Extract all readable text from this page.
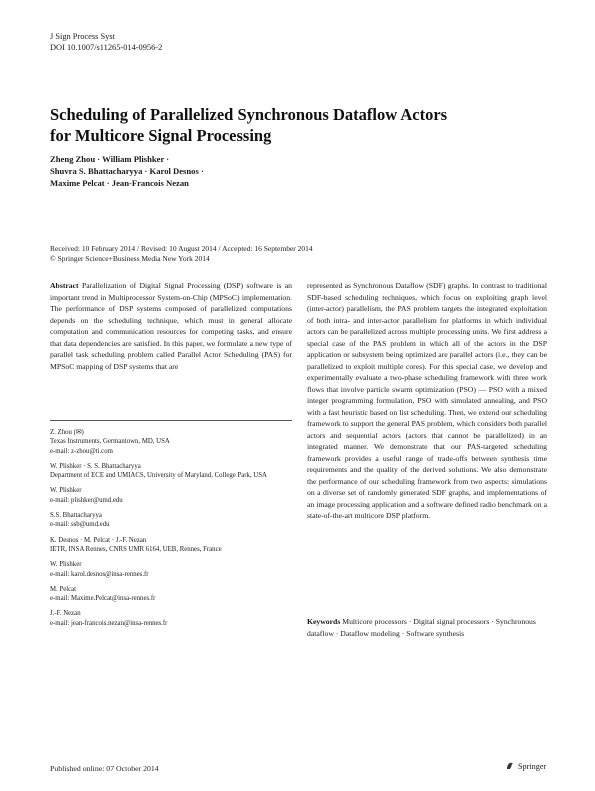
J Sign Process Syst
DOI 10.1007/s11265-014-0956-2
Scheduling of Parallelized Synchronous Dataflow Actors
for Multicore Signal Processing
Zheng Zhou · William Plishker ·
Shuvra S. Bhattacharyya · Karol Desnos ·
Maxime Pelcat · Jean-Francois Nezan
Received: 10 February 2014 / Revised: 10 August 2014 / Accepted: 16 September 2014
© Springer Science+Business Media New York 2014

Abstract Parallelization of Digital Signal Processing (DSP) software is an important trend in Multiprocessor System-on-Chip (MPSoC) implementation. The performance of DSP systems composed of parallelized computations depends on the scheduling technique, which must in general allocate computation and communication resources for competing tasks, and ensure that data dependencies are satisfied. In this paper, we formulate a new type of parallel task scheduling problem called Parallel Actor Scheduling (PAS) for MPSoC mapping of DSP systems that are

represented as Synchronous Dataflow (SDF) graphs. In contrast to traditional SDF-based scheduling techniques, which focus on exploiting graph level (inter-actor) parallelism, the PAS problem targets the integrated exploitation of both intra- and inter-actor parallelism for platforms in which individual actors can be parallelized across multiple processing units. We first address a special case of the PAS problem in which all of the actors in the DSP application or subsystem being optimized are parallel actors (i.e., they can be parallelized to exploit multiple cores). For this special case, we develop and experimentally evaluate a two-phase scheduling framework with three work flows that involve particle swarm optimization (PSO) — PSO with a mixed integer programming formulation, PSO with simulated annealing, and PSO with a fast heuristic based on list scheduling. Then, we extend our scheduling framework to support the general PAS problem, which considers both parallel actors and sequential actors (actors that cannot be parallelized) in an integrated manner. We demonstrate that our PAS-targeted scheduling framework provides a useful range of trade-offs between synthesis time requirements and the quality of the derived solutions. We also demonstrate the performance of our scheduling framework from two aspects: simulations on a diverse set of randomly generated SDF graphs, and implementations of an image processing application and a software defined radio benchmark on a state-of-the-art multicore DSP platform.

Keywords Multicore processors · Digital signal processors · Synchronous dataflow · Dataflow modeling · Software synthesis

Z. Zhou (✉)
Texas Instruments, Germantown, MD, USA
e-mail: z-zhou@ti.com
W. Plishker · S. S. Bhattacharyya
Department of ECE and UMIACS, University of Maryland, College Park, USA
W. Plishker
e-mail: plishker@umd.edu
S.S. Bhattacharyya
e-mail: ssb@umd.edu
K. Desnos · M. Pelcat · J.-F. Nezan
IETR, INSA Rennes, CNRS UMR 6164, UEB, Rennes, France
W. Plishker
e-mail: karol.desnos@insa-rennes.fr
M. Pelcat
e-mail: Maxime.Pelcat@insa-rennes.fr
J.-F. Nezan
e-mail: jean-francois.nezan@insa-rennes.fr
Published online: 07 October 2014	Springer
